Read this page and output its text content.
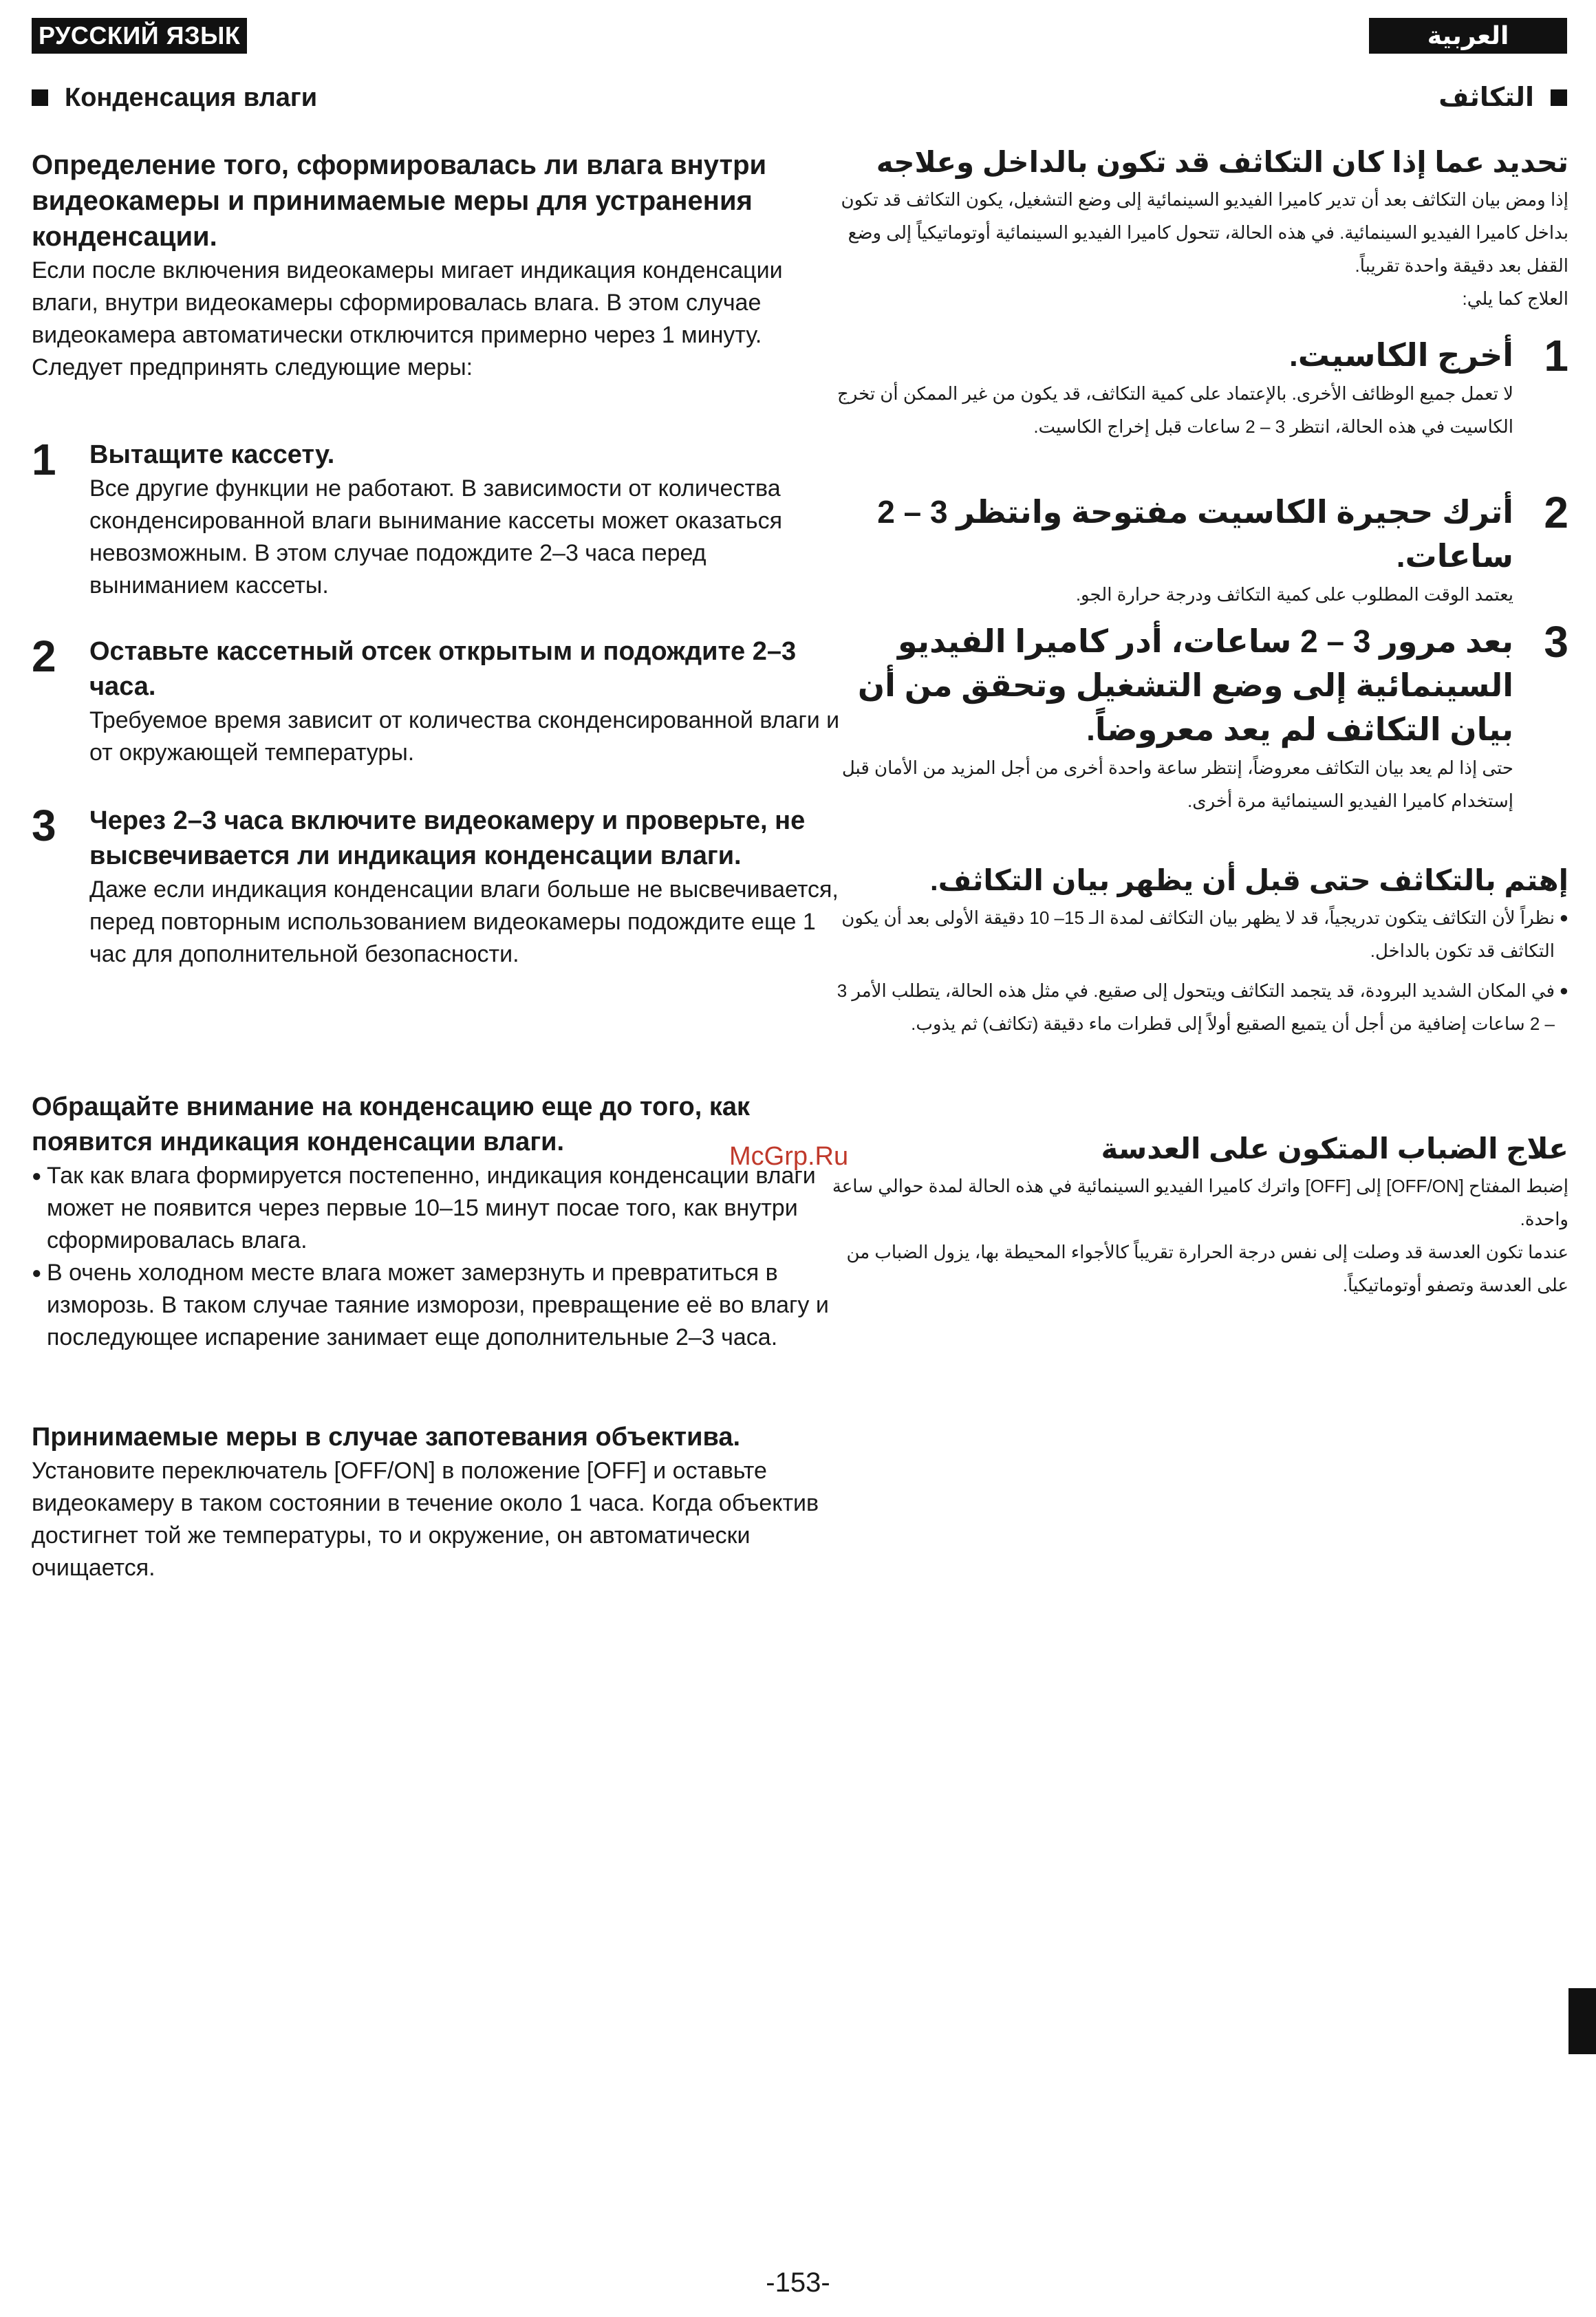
РУССКИЙ ЯЗЫК	العربية
Конденсация влаги	التكاثف
Определение того, сформировалась ли влага внутри видеокамеры и принимаемые меры для устранения конденсации.
Если после включения видеокамеры мигает индикация конденсации влаги, внутри видеокамеры сформировалась влага. В этом случае видеокамера автоматически отключится примерно через 1 минуту.
Следует предпринять следующие меры:
1	Вытащите кассету.
Все другие функции не работают. В зависимости от количества сконденсированной влаги вынимание кассеты может оказаться невозможным. В этом случае подождите 2–3 часа перед выниманием кассеты.
2	Оставьте кассетный отсек открытым и подождите 2–3 часа.
Требуемое время зависит от количества сконденсированной влаги и от окружающей температуры.
3	Через 2–3 часа включите видеокамеру и проверьте, не высвечивается ли индикация конденсации влаги.
Даже если индикация конденсации влаги больше не высвечивается, перед повторным использованием видеокамеры подождите еще 1 час для дополнительной безопасности.
Обращайте внимание на конденсацию еще до того, как появится индикация конденсации влаги.
● Так как влага формируется постепенно, индикация конденсации влаги может не появится через первые 10–15 минут посае того, как внутри сформировалась влага.
● В очень холодном месте влага может замерзнуть и превратиться в изморозь. В таком случае таяние изморози, превращение её во влагу и последующее испарение занимает еще дополнительные 2–3 часа.
Принимаемые меры в случае запотевания объектива.
Установите переключатель [OFF/ON] в положение [OFF] и оставьте видеокамеру в таком состоянии в течение около 1 часа. Когда объектив достигнет той же температуры, то и окружение, он автоматически очищается.
تحديد عما إذا كان التكاثف قد تكون بالداخل وعلاجه
إذا ومض بيان التكاثف بعد أن تدير كاميرا الفيديو السينمائية إلى وضع التشغيل، يكون التكاثف قد تكون بداخل كاميرا الفيديو السينمائية. في هذه الحالة، تتحول كاميرا الفيديو السينمائية أوتوماتيكياً إلى وضع القفل بعد دقيقة واحدة تقريباً.
العلاج كما يلي:
1
أخرج الكاسيت.
لا تعمل جميع الوظائف الأخرى. بالإعتماد على كمية التكاثف، قد يكون من غير الممكن أن تخرج الكاسيت في هذه الحالة، انتظر 3 – 2 ساعات قبل إخراج الكاسيت.
2
أترك حجيرة الكاسيت مفتوحة وانتظر 3 – 2 ساعات.
يعتمد الوقت المطلوب على كمية التكاثف ودرجة حرارة الجو.
3
بعد مرور 3 – 2 ساعات، أدر كاميرا الفيديو السينمائية إلى وضع التشغيل وتحقق من أن بيان التكاثف لم يعد معروضاً.
حتى إذا لم يعد بيان التكاثف معروضاً، إنتظر ساعة واحدة أخرى من أجل المزيد من الأمان قبل إستخدام كاميرا الفيديو السينمائية مرة أخرى.
إهتم بالتكاثف حتى قبل أن يظهر بيان التكاثف.
● نظراً لأن التكاثف يتكون تدريجياً، قد لا يظهر بيان التكاثف لمدة الـ 15– 10 دقيقة الأولى بعد أن يكون التكاثف قد تكون بالداخل.
● في المكان الشديد البرودة، قد يتجمد التكاثف ويتحول إلى صقيع. في مثل هذه الحالة، يتطلب الأمر 3 – 2 ساعات إضافية من أجل أن يتميع الصقيع أولاً إلى قطرات ماء دقيقة (تكاثف) ثم يذوب.
علاج الضباب المتكون على العدسة
إضبط المفتاح [OFF/ON] إلى [OFF] واترك كاميرا الفيديو السينمائية في هذه الحالة لمدة حوالي ساعة واحدة.
عندما تكون العدسة قد وصلت إلى نفس درجة الحرارة تقريباً كالأجواء المحيطة بها، يزول الضباب من على العدسة وتصفو أوتوماتيكياً.
McGrp.Ru
-153-
